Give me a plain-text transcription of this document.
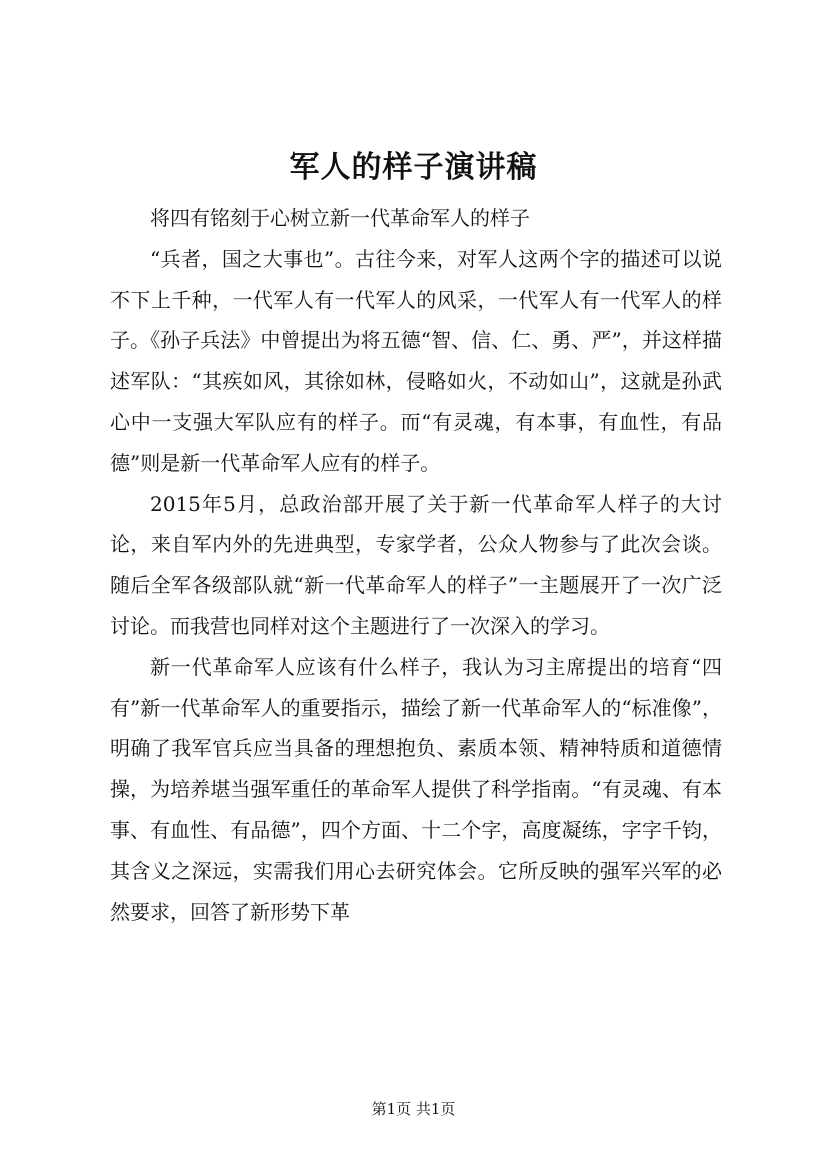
军人的样子演讲稿

将四有铭刻于心树立新一代革命军人的样子

“兵者，国之大事也”。古往今来，对军人这两个字的描述可以说不下上千种，一代军人有一代军人的风采，一代军人有一代军人的样子。《孙子兵法》中曾提出为将五德“智、信、仁、勇、严”，并这样描述军队：“其疾如风，其徐如林，侵略如火，不动如山”，这就是孙武心中一支强大军队应有的样子。而“有灵魂，有本事，有血性，有品德”则是新一代革命军人应有的样子。

2015年5月，总政治部开展了关于新一代革命军人样子的大讨论，来自军内外的先进典型，专家学者，公众人物参与了此次会谈。随后全军各级部队就“新一代革命军人的样子”一主题展开了一次广泛讨论。而我营也同样对这个主题进行了一次深入的学习。

新一代革命军人应该有什么样子，我认为习主席提出的培育“四有”新一代革命军人的重要指示，描绘了新一代革命军人的“标准像”，明确了我军官兵应当具备的理想抱负、素质本领、精神特质和道德情操，为培养堪当强军重任的革命军人提供了科学指南。“有灵魂、有本事、有血性、有品德”，四个方面、十二个字，高度凝练，字字千钧，其含义之深远，实需我们用心去研究体会。它所反映的强军兴军的必然要求，回答了新形势下革

第1页 共1页
